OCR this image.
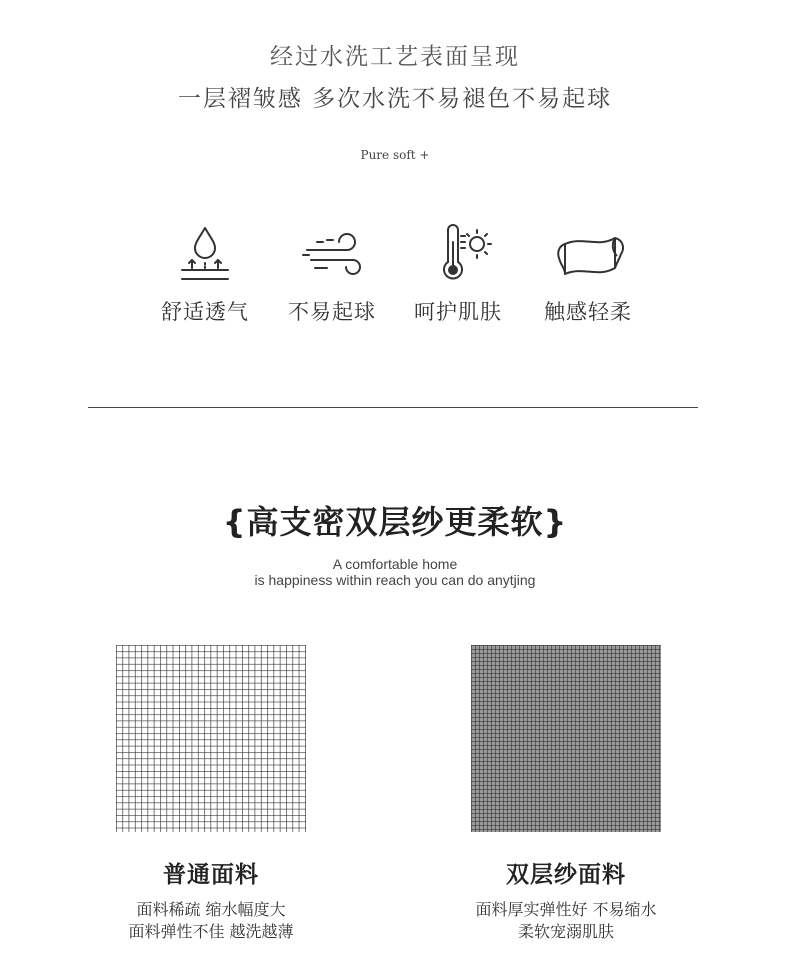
经过水洗工艺表面呈现
一层褶皱感 多次水洗不易褪色不易起球
Pure soft +
舒适透气	不易起球	呵护肌肤	触感轻柔
{高支密双层纱更柔软}
A comfortable home
is happiness within reach you can do anytjing
普通面料
面料稀疏 缩水幅度大
面料弹性不佳 越洗越薄
双层纱面料
面料厚实弹性好 不易缩水
柔软宠溺肌肤
